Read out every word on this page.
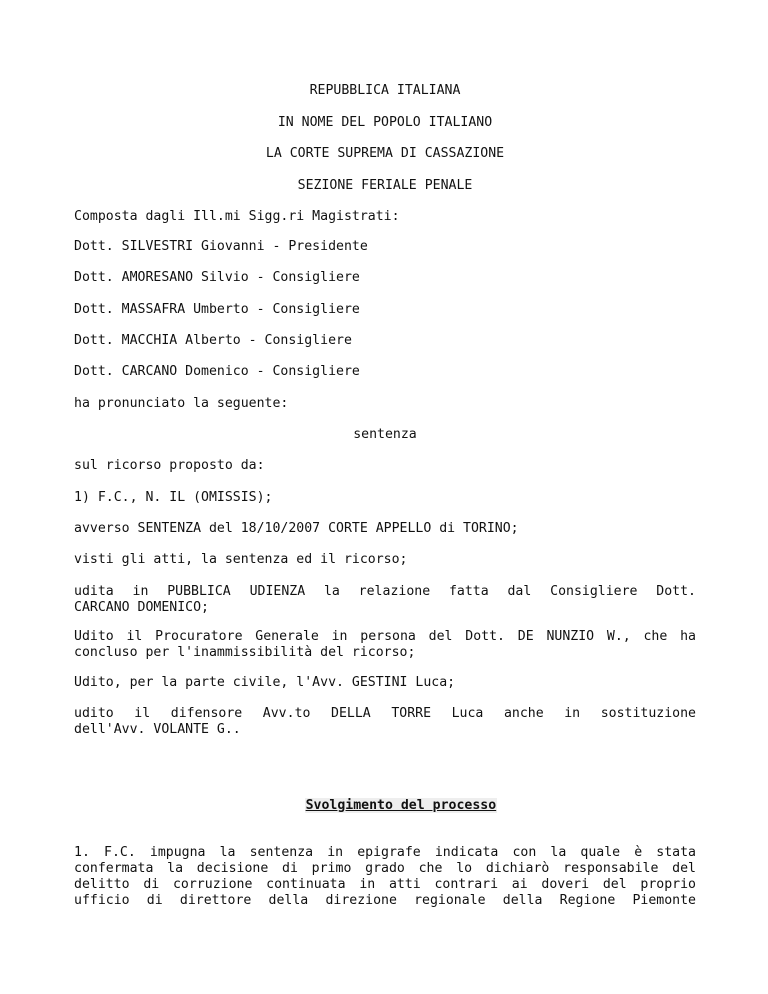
REPUBBLICA ITALIANA
IN NOME DEL POPOLO ITALIANO
LA CORTE SUPREMA DI CASSAZIONE
SEZIONE FERIALE PENALE
Composta dagli Ill.mi Sigg.ri Magistrati:
Dott. SILVESTRI Giovanni - Presidente
Dott. AMORESANO Silvio - Consigliere
Dott. MASSAFRA Umberto - Consigliere
Dott. MACCHIA Alberto - Consigliere
Dott. CARCANO Domenico - Consigliere
ha pronunciato la seguente:
sentenza
sul ricorso proposto da:
1) F.C., N. IL (OMISSIS);
avverso SENTENZA del 18/10/2007 CORTE APPELLO di TORINO;
visti gli atti, la sentenza ed il ricorso;
udita in PUBBLICA UDIENZA la relazione fatta dal Consigliere Dott.
CARCANO DOMENICO;
Udito il Procuratore Generale in persona del Dott. DE NUNZIO W., che ha
concluso per l'inammissibilità del ricorso;
Udito, per la parte civile, l'Avv. GESTINI Luca;
udito il difensore Avv.to DELLA TORRE Luca anche in sostituzione
dell'Avv. VOLANTE G..

Svolgimento del processo

1. F.C. impugna la sentenza in epigrafe indicata con la quale è stata
confermata la decisione di primo grado che lo dichiarò responsabile del
delitto di corruzione continuata in atti contrari ai doveri del proprio
ufficio di direttore della direzione regionale della Regione Piemonte
